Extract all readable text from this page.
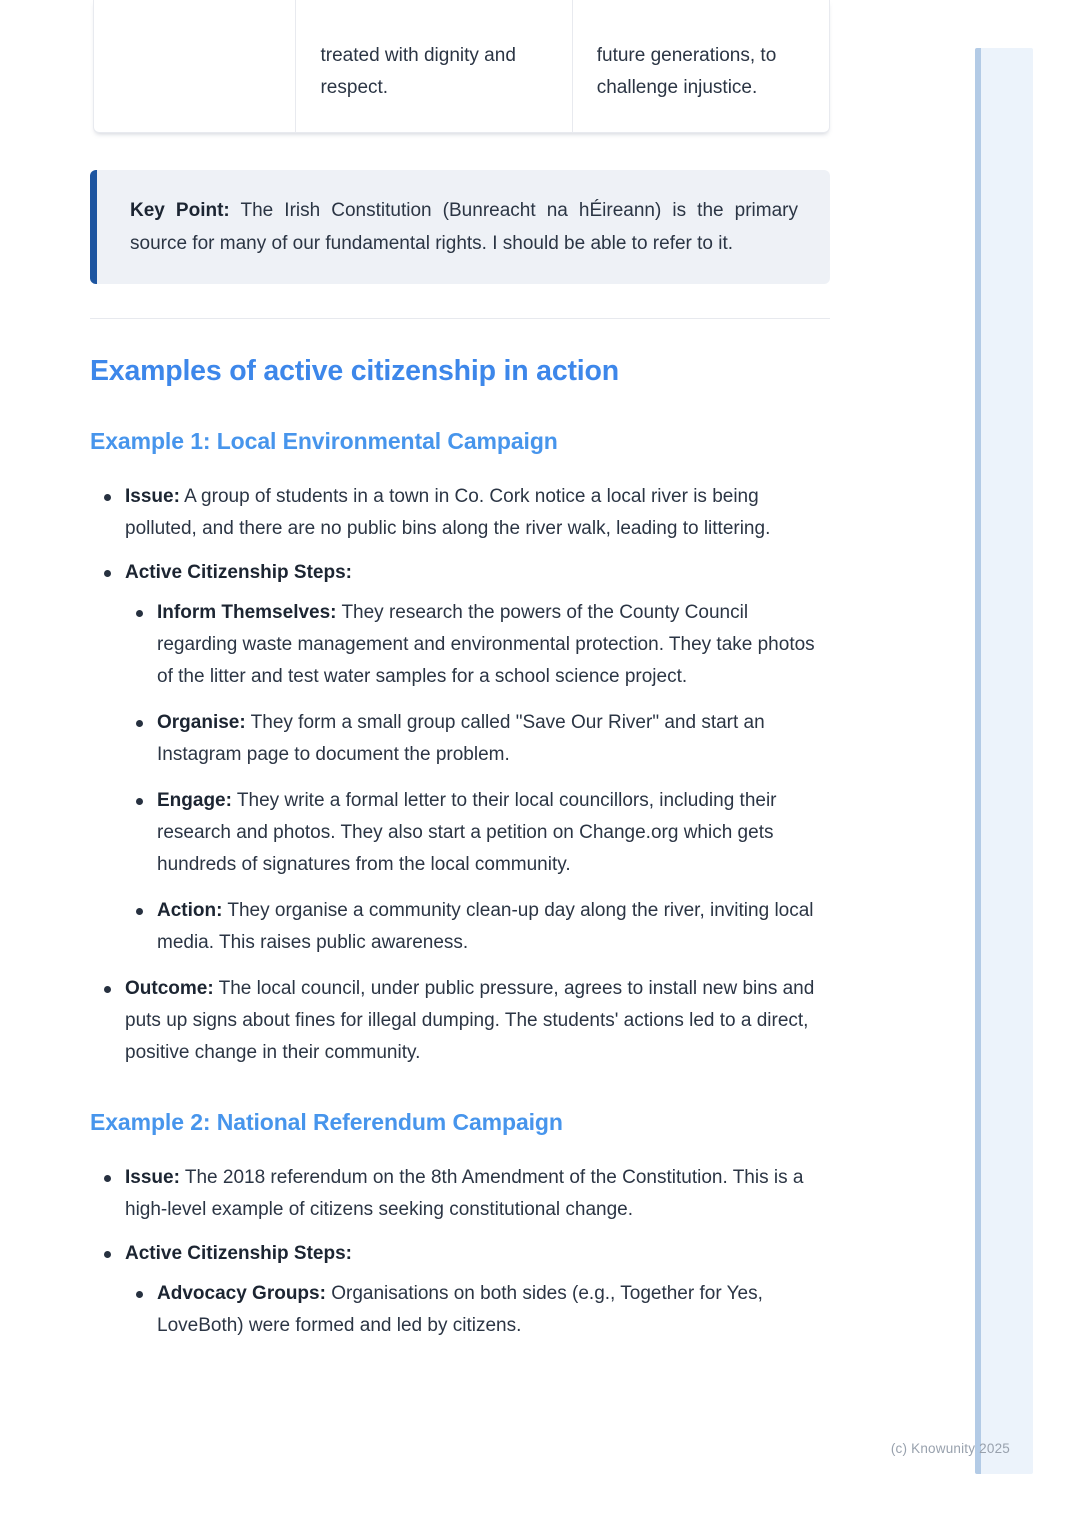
treated with dignity and respect.
future generations, to challenge injustice.
Key Point: The Irish Constitution (Bunreacht na hÉireann) is the primary source for many of our fundamental rights. I should be able to refer to it.
Examples of active citizenship in action
Example 1: Local Environmental Campaign
Issue: A group of students in a town in Co. Cork notice a local river is being polluted, and there are no public bins along the river walk, leading to littering.
Active Citizenship Steps:
Inform Themselves: They research the powers of the County Council regarding waste management and environmental protection. They take photos of the litter and test water samples for a school science project.
Organise: They form a small group called "Save Our River" and start an Instagram page to document the problem.
Engage: They write a formal letter to their local councillors, including their research and photos. They also start a petition on Change.org which gets hundreds of signatures from the local community.
Action: They organise a community clean-up day along the river, inviting local media. This raises public awareness.
Outcome: The local council, under public pressure, agrees to install new bins and puts up signs about fines for illegal dumping. The students' actions led to a direct, positive change in their community.
Example 2: National Referendum Campaign
Issue: The 2018 referendum on the 8th Amendment of the Constitution. This is a high-level example of citizens seeking constitutional change.
Active Citizenship Steps:
Advocacy Groups: Organisations on both sides (e.g., Together for Yes, LoveBoth) were formed and led by citizens.
(c) Knowunity 2025
